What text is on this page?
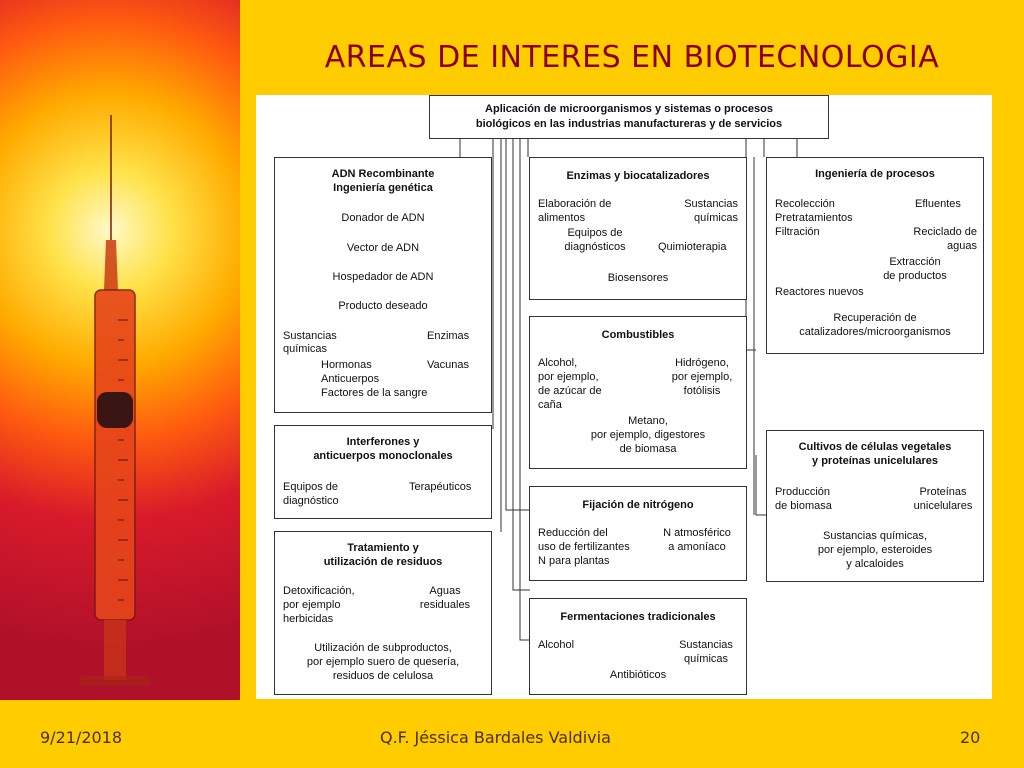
AREAS DE INTERES EN BIOTECNOLOGIA
Aplicación de microorganismos y sistemas o procesos
biológicos en las industrias manufactureras y de servicios
ADN Recombinante
Ingeniería genética
Donador de ADN
Vector de ADN
Hospedador de ADN
Producto deseado
Sustancias
químicas
Enzimas
Hormonas	Vacunas
Anticuerpos
Factores de la sangre
Interferones y
anticuerpos monoclonales
Equipos de
diagnóstico
Terapéuticos
Tratamiento y
utilización de residuos
Detoxificación,
por ejemplo
herbicidas
Aguas
residuales
Utilización de subproductos,
por ejemplo suero de quesería,
residuos de celulosa
Enzimas y biocatalizadores
Elaboración de
alimentos
Sustancias
químicas
Equipos de
diagnósticos	Quimioterapia
Biosensores
Combustibles
Alcohol,
por ejemplo,
de azúcar de
caña
Hidrógeno,
por ejemplo,
fotólisis
Metano,
por ejemplo, digestores
de biomasa
Fijación de nitrógeno
Reducción del
uso de fertilizantes
N para plantas
N atmosférico
a amoníaco
Fermentaciones tradicionales
Alcohol	Sustancias
químicas
Antibióticos
Ingeniería de procesos
Recolección
Pretratamientos
Filtración
Efluentes
Reciclado de
aguas
Extracción
de productos
Reactores nuevos
Recuperación de
catalizadores/microorganismos
Cultivos de células vegetales
y proteínas unicelulares
Producción
de biomasa
Proteínas
unicelulares
Sustancias químicas,
por ejemplo, esteroides
y alcaloides
9/21/2018	Q.F. Jéssica Bardales Valdivia	20
